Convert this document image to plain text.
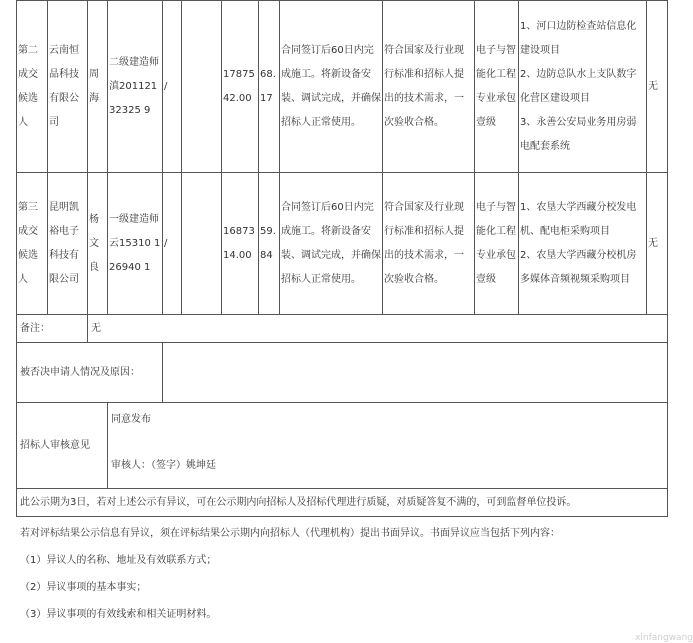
第二成交候选人	云南恒品科技有限公司	周海	二级建造师滇20112132325 9	/		1787542.00	68.17	合同签订后60日内完成施工。将新设备安装、调试完成，并确保招标人正常使用。	符合国家及行业现行标准和招标人提出的技术需求，一次验收合格。	电子与智能化工程专业承包壹级	1、河口边防检查站信息化建设项目
2、边防总队水上支队数字化营区建设项目
3、永善公安局业务用房弱电配套系统	无
第三成交候选人	昆明凯裕电子科技有限公司	杨文良	一级建造师云15310 126940 1	/		1687314.00	59.84	合同签订后60日内完成施工。将新设备安装、调试完成，并确保招标人正常使用。	符合国家及行业现行标准和招标人提出的技术需求，一次验收合格。	电子与智能化工程专业承包壹级	1、农垦大学西藏分校发电机、配电柜采购项目
2、农垦大学西藏分校机房多媒体音频视频采购项目	无
备注：		无										
被否决申请人情况及原因：												
招标人审核意见			同意发布
审核人：（签字）姚坤廷									

此公示期为3日，若对上述公示有异议，可在公示期内向招标人及招标代理进行质疑，对质疑答复不满的，可到监督单位投诉。												

若对评标结果公示信息有异议，须在评标结果公示期内向招标人（代理机构）提出书面异议。书面异议应当包括下列内容：

（1）异议人的名称、地址及有效联系方式；

（2）异议事项的基本事实；

（3）异议事项的有效线索和相关证明材料。

xinfangwang
